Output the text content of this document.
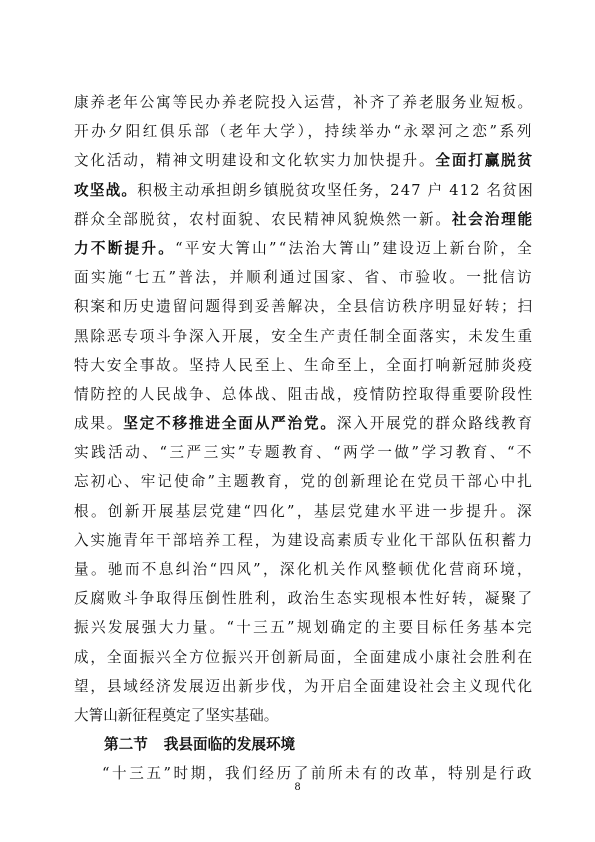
康养老年公寓等民办养老院投入运营，补齐了养老服务业短板。
开办夕阳红俱乐部（老年大学），持续举办“永翠河之恋”系列
文化活动，精神文明建设和文化软实力加快提升。 全面打赢脱贫
攻坚战。 积极主动承担朗乡镇脱贫攻坚任务，247 户 412 名贫困
群众全部脱贫，农村面貌、农民精神风貌焕然一新。 社会治理能
力不断提升。 “平安大箐山”“法治大箐山”建设迈上新台阶，全
面实施“七五”普法，并顺利通过国家、省、市验收。一批信访
积案和历史遗留问题得到妥善解决，全县信访秩序明显好转；扫
黑除恶专项斗争深入开展，安全生产责任制全面落实，未发生重
特大安全事故。坚持人民至上、生命至上，全面打响新冠肺炎疫
情防控的人民战争、总体战、阻击战，疫情防控取得重要阶段性
成果。 坚定不移推进全面从严治党。 深入开展党的群众路线教育
实践活动、“三严三实”专题教育、“两学一做”学习教育、“不
忘初心、牢记使命”主题教育，党的创新理论在党员干部心中扎
根。创新开展基层党建“四化”，基层党建水平进一步提升。深
入实施青年干部培养工程，为建设高素质专业化干部队伍积蓄力
量。驰而不息纠治“四风”，深化机关作风整顿优化营商环境，
反腐败斗争取得压倒性胜利，政治生态实现根本性好转，凝聚了
振兴发展强大力量。“十三五”规划确定的主要目标任务基本完
成，全面振兴全方位振兴开创新局面，全面建成小康社会胜利在
望，县域经济发展迈出新步伐，为开启全面建设社会主义现代化
大箐山新征程奠定了坚实基础。
第二节 我县面临的发展环境
“十三五”时期，我们经历了前所未有的改革，特别是行政
8
